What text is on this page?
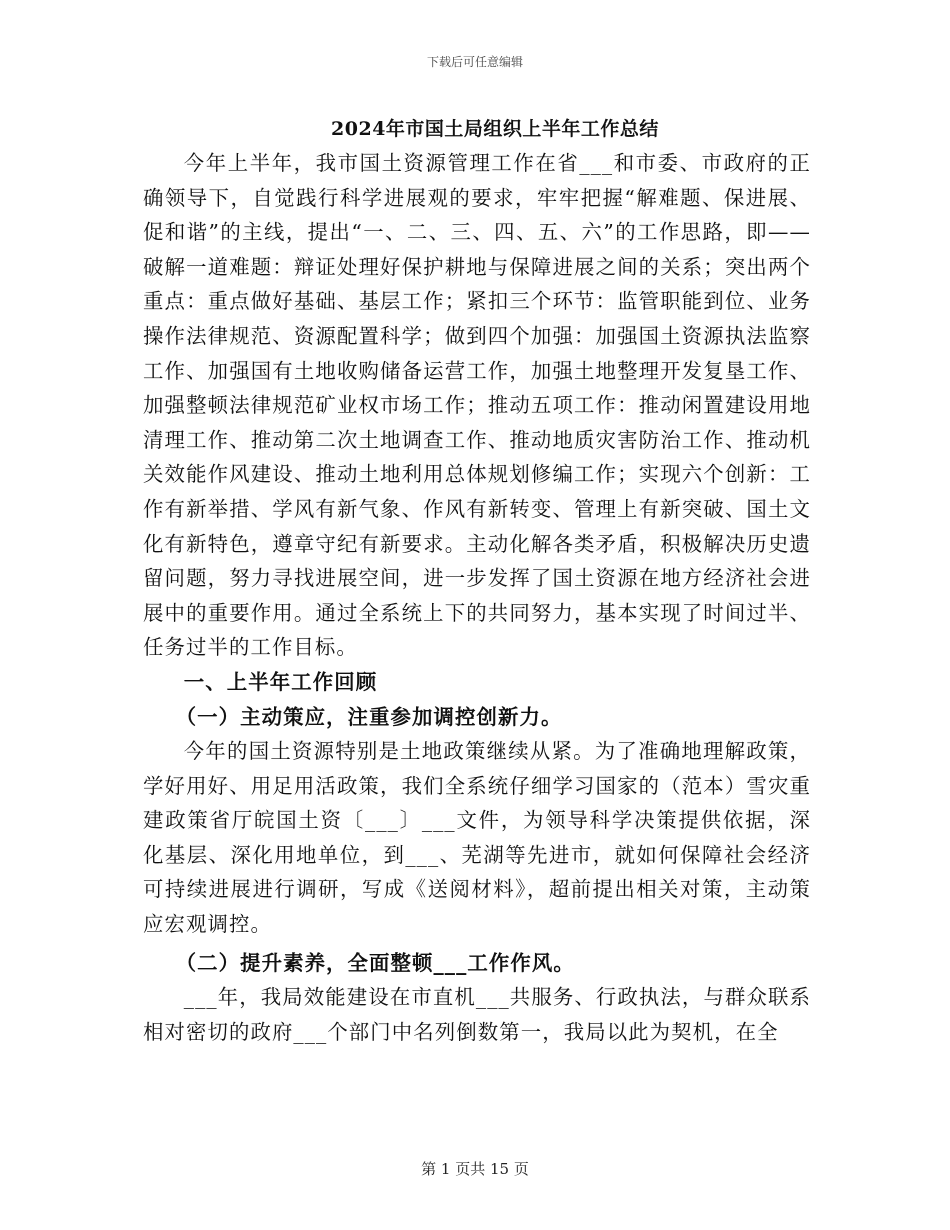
下载后可任意编辑
2024年市国土局组织上半年工作总结

今年上半年，我市国土资源管理工作在省___和市委、市政府的正确领导下，自觉践行科学进展观的要求，牢牢把握“解难题、保进展、促和谐”的主线，提出“一、二、三、四、五、六”的工作思路，即——破解一道难题：辩证处理好保护耕地与保障进展之间的关系；突出两个重点：重点做好基础、基层工作；紧扣三个环节：监管职能到位、业务操作法律规范、资源配置科学；做到四个加强：加强国土资源执法监察工作、加强国有土地收购储备运营工作，加强土地整理开发复垦工作、加强整顿法律规范矿业权市场工作；推动五项工作：推动闲置建设用地清理工作、推动第二次土地调查工作、推动地质灾害防治工作、推动机关效能作风建设、推动土地利用总体规划修编工作；实现六个创新：工作有新举措、学风有新气象、作风有新转变、管理上有新突破、国土文化有新特色，遵章守纪有新要求。主动化解各类矛盾，积极解决历史遗留问题，努力寻找进展空间，进一步发挥了国土资源在地方经济社会进展中的重要作用。通过全系统上下的共同努力，基本实现了时间过半、任务过半的工作目标。

一、上半年工作回顾

（一）主动策应，注重参加调控创新力。

今年的国土资源特别是土地政策继续从紧。为了准确地理解政策，学好用好、用足用活政策，我们全系统仔细学习国家的（范本）雪灾重建政策省厅皖国土资〔___〕___文件，为领导科学决策提供依据，深化基层、深化用地单位，到___、芜湖等先进市，就如何保障社会经济可持续进展进行调研，写成《送阅材料》，超前提出相关对策，主动策应宏观调控。

（二）提升素养，全面整顿___工作作风。

___年，我局效能建设在市直机___共服务、行政执法，与群众联系相对密切的政府___个部门中名列倒数第一，我局以此为契机，在全

第 1 页共 15 页
